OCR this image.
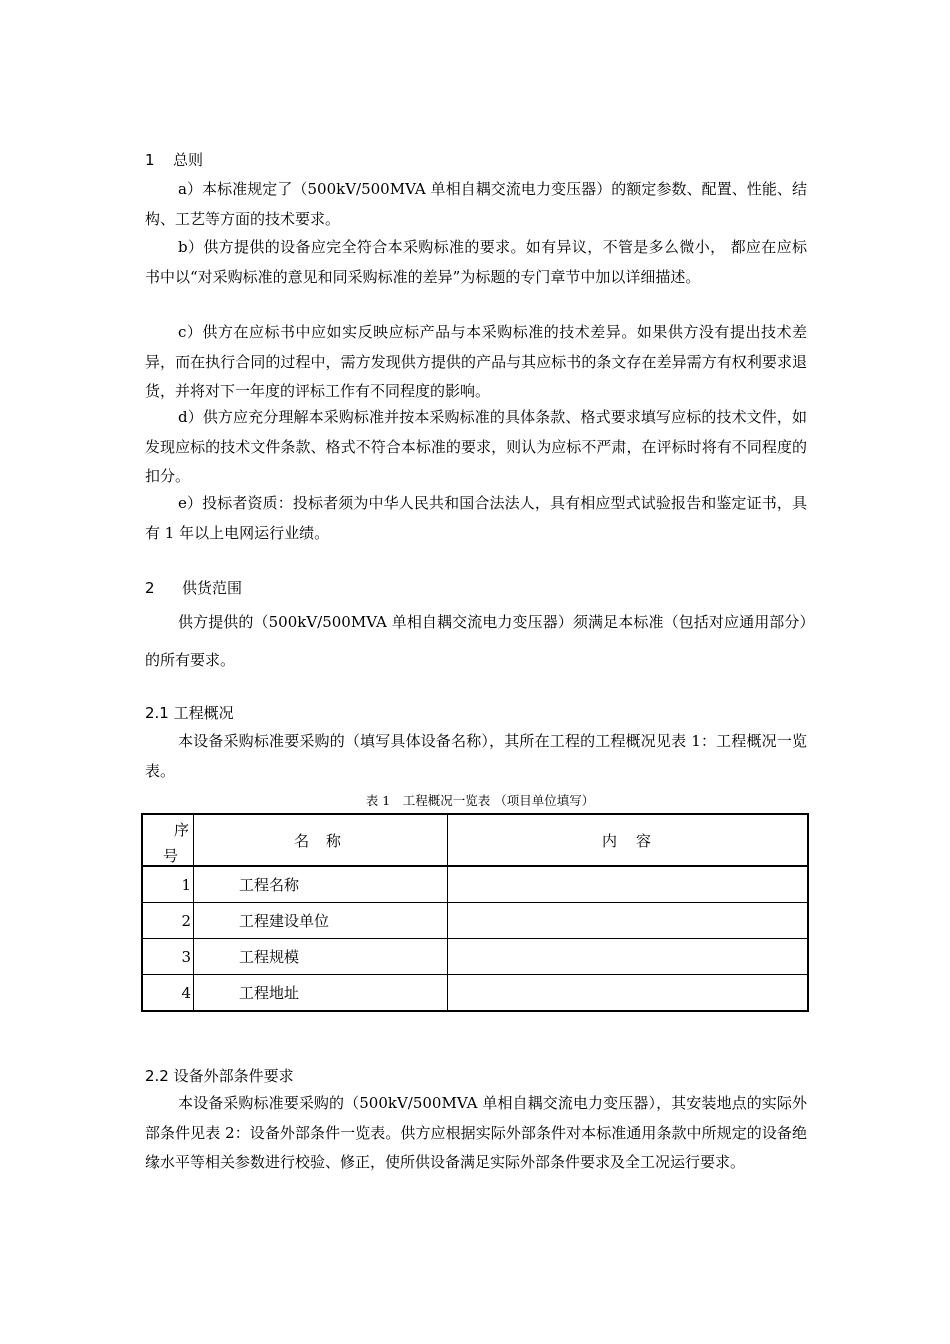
1 总则

a）本标准规定了（500kV/500MVA 单相自耦交流电力变压器）的额定参数、配置、性能、结构、工艺等方面的技术要求。

b）供方提供的设备应完全符合本采购标准的要求。如有异议，不管是多么微小， 都应在应标书中以“对采购标准的意见和同采购标准的差异”为标题的专门章节中加以详细描述。

c）供方在应标书中应如实反映应标产品与本采购标准的技术差异。如果供方没有提出技术差异，而在执行合同的过程中，需方发现供方提供的产品与其应标书的条文存在差异需方有权利要求退货，并将对下一年度的评标工作有不同程度的影响。

d）供方应充分理解本采购标准并按本采购标准的具体条款、格式要求填写应标的技术文件，如发现应标的技术文件条款、格式不符合本标准的要求，则认为应标不严肃，在评标时将有不同程度的扣分。

e）投标者资质：投标者须为中华人民共和国合法法人，具有相应型式试验报告和鉴定证书，具有 1 年以上电网运行业绩。

2 供货范围

供方提供的（500kV/500MVA 单相自耦交流电力变压器）须满足本标准（包括对应通用部分）的所有要求。

2.1 工程概况

本设备采购标准要采购的（填写具体设备名称），其所在工程的工程概况见表 1：工程概况一览表。

表 1　工程概况一览表 （项目单位填写）
序
号	名 称	内　容
1	工程名称	
2	工程建设单位	
3	工程规模	
4	工程地址	
2.2 设备外部条件要求

本设备采购标准要采购的（500kV/500MVA 单相自耦交流电力变压器），其安装地点的实际外部条件见表 2：设备外部条件一览表。供方应根据实际外部条件对本标准通用条款中所规定的设备绝缘水平等相关参数进行校验、修正，使所供设备满足实际外部条件要求及全工况运行要求。
